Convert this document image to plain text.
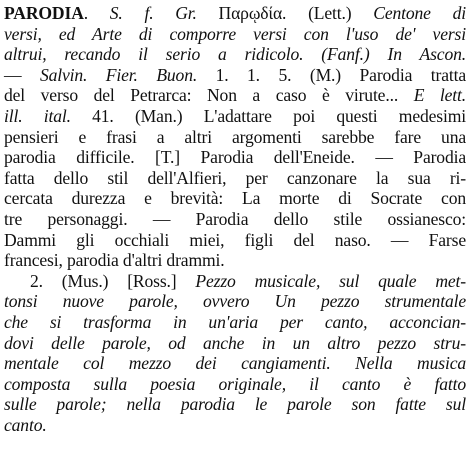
PARODIA. S. f. Gr. Παρῳδία. (Lett.) Centone di
versi, ed Arte di comporre versi con l'uso de' versi
altrui, recando il serio a ridicolo. (Fanf.) In Ascon.
— Salvin. Fier. Buon. 1. 1. 5. (M.) Parodia tratta
del verso del Petrarca: Non a caso è virute... E lett.
ill. ital. 41. (Man.) L'adattare poi questi medesimi
pensieri e frasi a altri argomenti sarebbe fare una
parodia difficile. [T.] Parodia dell'Eneide. — Parodia
fatta dello stil dell'Alfieri, per canzonare la sua ri-
cercata durezza e brevità: La morte di Socrate con
tre personaggi. — Parodia dello stile ossianesco:
Dammi gli occhiali miei, figli del naso. — Farse
francesi, parodia d'altri drammi.
2. (Mus.) [Ross.] Pezzo musicale, sul quale met-
tonsi nuove parole, ovvero Un pezzo strumentale
che si trasforma in un'aria per canto, acconcian-
dovi delle parole, od anche in un altro pezzo stru-
mentale col mezzo dei cangiamenti. Nella musica
composta sulla poesia originale, il canto è fatto
sulle parole; nella parodia le parole son fatte sul
canto.
